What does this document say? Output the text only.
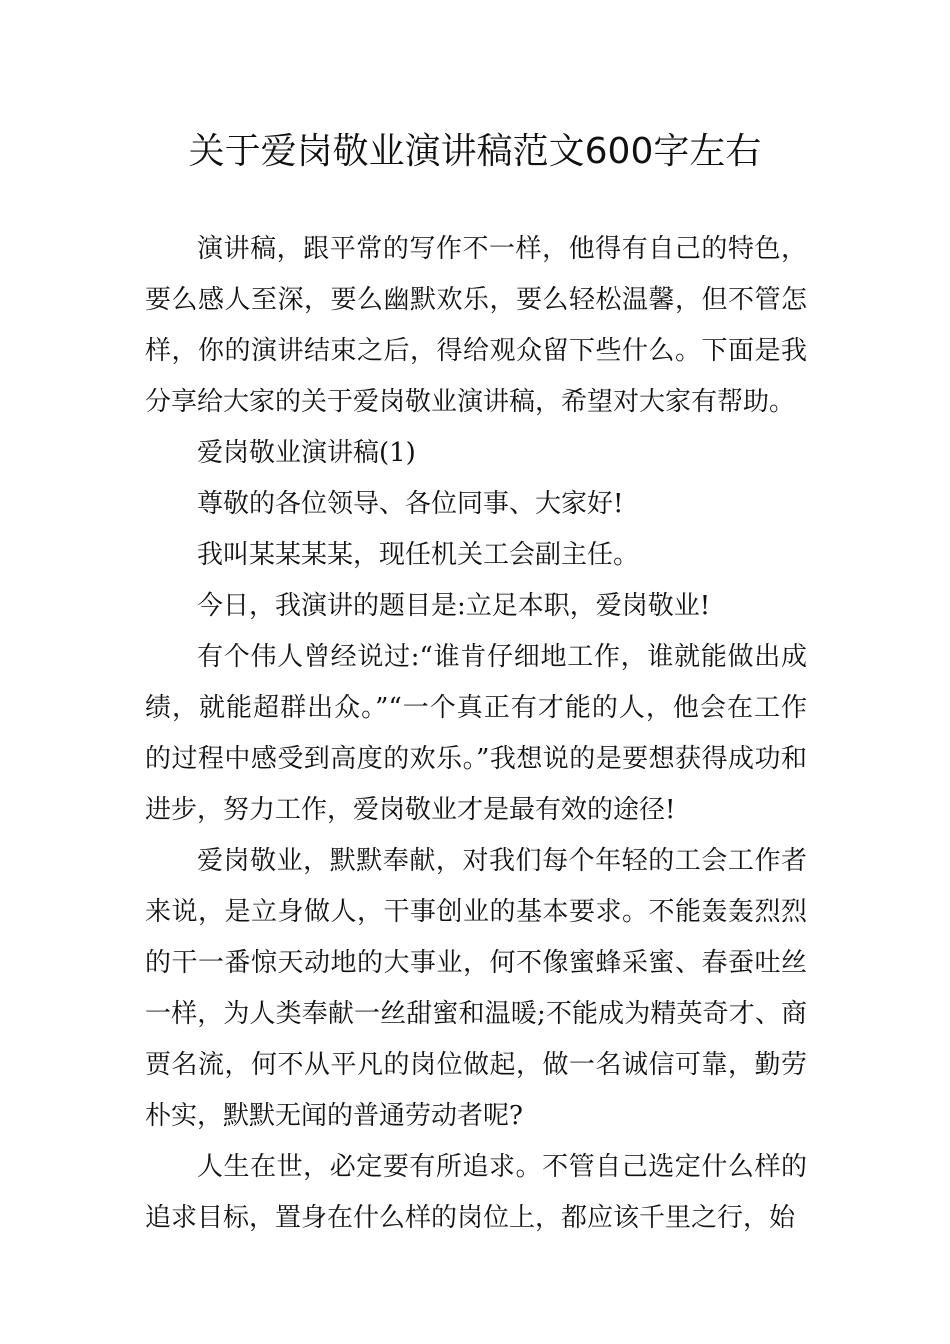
关于爱岗敬业演讲稿范文600字左右

演讲稿，跟平常的写作不一样，他得有自己的特色，要么感人至深，要么幽默欢乐，要么轻松温馨，但不管怎样，你的演讲结束之后，得给观众留下些什么。下面是我分享给大家的关于爱岗敬业演讲稿，希望对大家有帮助。

爱岗敬业演讲稿(1)

尊敬的各位领导、各位同事、大家好!

我叫某某某某，现任机关工会副主任。

今日，我演讲的题目是:立足本职，爱岗敬业!

有个伟人曾经说过:“谁肯仔细地工作，谁就能做出成绩，就能超群出众。”“一个真正有才能的人，他会在工作的过程中感受到高度的欢乐。”我想说的是要想获得成功和进步，努力工作，爱岗敬业才是最有效的途径!

爱岗敬业，默默奉献，对我们每个年轻的工会工作者来说，是立身做人，干事创业的基本要求。不能轰轰烈烈的干一番惊天动地的大事业，何不像蜜蜂采蜜、春蚕吐丝一样，为人类奉献一丝甜蜜和温暖;不能成为精英奇才、商贾名流，何不从平凡的岗位做起，做一名诚信可靠，勤劳朴实，默默无闻的普通劳动者呢?

人生在世，必定要有所追求。不管自己选定什么样的追求目标，置身在什么样的岗位上，都应该千里之行，始
